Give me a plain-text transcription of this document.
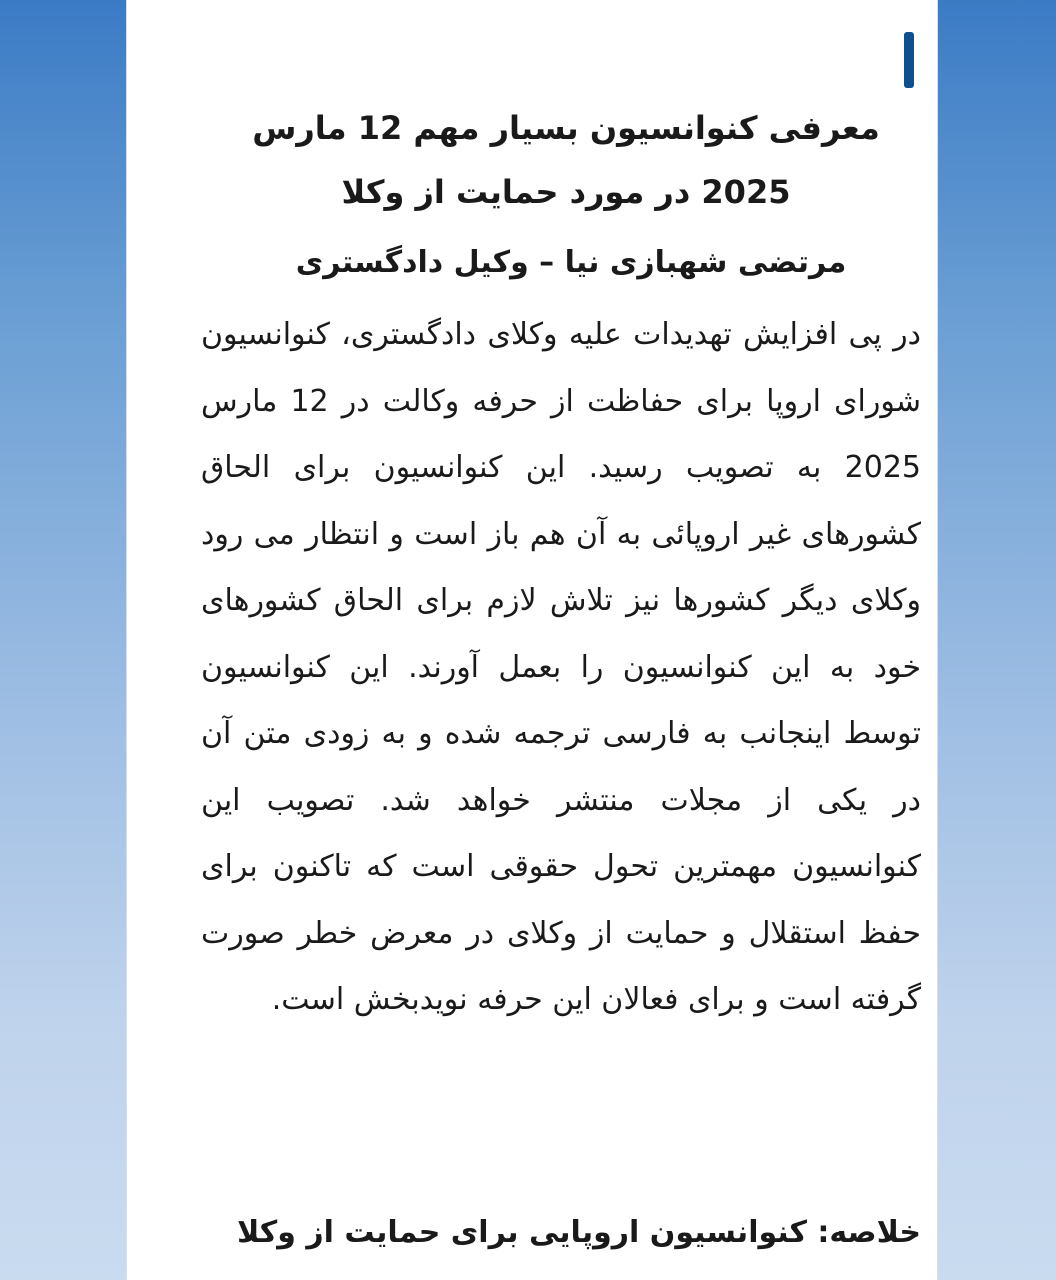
معرفی کنوانسیون بسیار مهم 12 مارس 2025 در مورد حمایت از وکلا
مرتضی شهبازی نیا – وکیل دادگستری

در پی افزایش تهدیدات علیه وکلای دادگستری، کنوانسیون شورای اروپا برای حفاظت از حرفه وکالت در 12 مارس 2025 به تصویب رسید. این کنوانسیون برای الحاق کشورهای غیر اروپائی به آن هم باز است و انتظار می رود وکلای دیگر کشورها نیز تلاش لازم برای الحاق کشورهای خود به این کنوانسیون را بعمل آورند. این کنوانسیون توسط اینجانب به فارسی ترجمه شده و به زودی متن آن در یکی از مجلات منتشر خواهد شد. تصویب این کنوانسیون مهمترین تحول حقوقی است که تاکنون برای حفظ استقلال و حمایت از وکلای در معرض خطر صورت گرفته است و برای فعالان این حرفه نویدبخش است.

خلاصه: کنوانسیون اروپایی برای حمایت از وکلا
